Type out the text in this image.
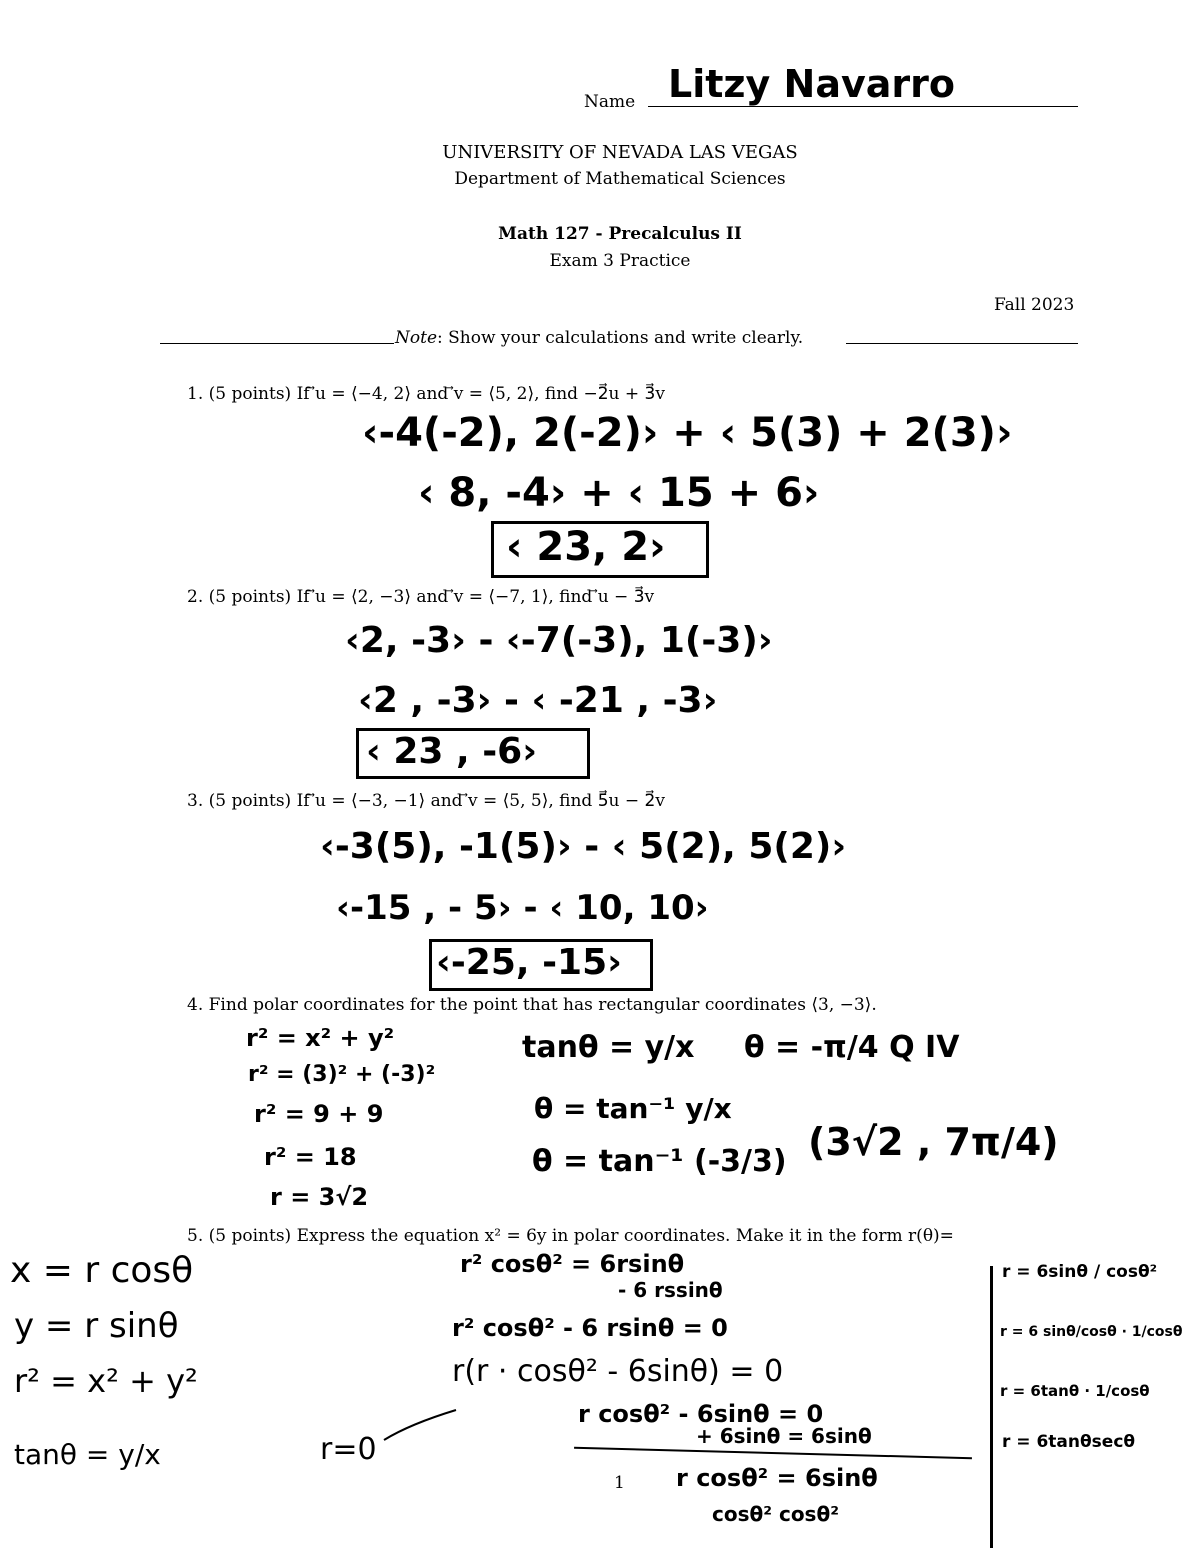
Name Litzy Navarro
UNIVERSITY OF NEVADA LAS VEGAS
Department of Mathematical Sciences
Math 127 - Precalculus II
Exam 3 Practice
Fall 2023
Note: Show your calculations and write clearly.
1. (5 points) If ⃗u = ⟨−4, 2⟩ and ⃗v = ⟨5, 2⟩, find −2⃗u + 3⃗v
‹-4(-2), 2(-2)› + ‹ 5(3) + 2(3)›
‹ 8, -4› + ‹ 15 + 6›
‹ 23, 2›
2. (5 points) If ⃗u = ⟨2, −3⟩ and ⃗v = ⟨−7, 1⟩, find ⃗u − 3⃗v
‹2, -3› - ‹-7(-3), 1(-3)›
‹2 , -3› - ‹ -21 , -3›
‹ 23 , -6›
3. (5 points) If ⃗u = ⟨−3, −1⟩ and ⃗v = ⟨5, 5⟩, find 5⃗u − 2⃗v
‹-3(5), -1(5)› - ‹ 5(2), 5(2)›
‹-15 , - 5› - ‹ 10, 10›
‹-25, -15›
4. Find polar coordinates for the point that has rectangular coordinates ⟨3, −3⟩.
r² = x² + y²
r² = (3)² + (-3)²
r² = 9 + 9
r² = 18
r = 3√2
tanθ = y/x
θ = tan⁻¹ y/x
θ = tan⁻¹ (-3/3)
θ = -π/4 Q IV
(3√2 , 7π/4)
5. (5 points) Express the equation x² = 6y in polar coordinates. Make it in the form r(θ)=
x = r cosθ
y = r sinθ
r² = x² + y²
tanθ = y/x	r=0
r² cosθ² = 6rsinθ
- 6 rssinθ
r² cosθ² - 6 rsinθ = 0
r(r · cosθ² - 6sinθ) = 0
r cosθ² - 6sinθ = 0
+ 6sinθ = 6sinθ
r cosθ² = 6sinθ
cosθ² cosθ²
r = 6sinθ / cosθ²
r = 6 sinθ/cosθ · 1/cosθ
r = 6tanθ · 1/cosθ
r = 6tanθsecθ
1
